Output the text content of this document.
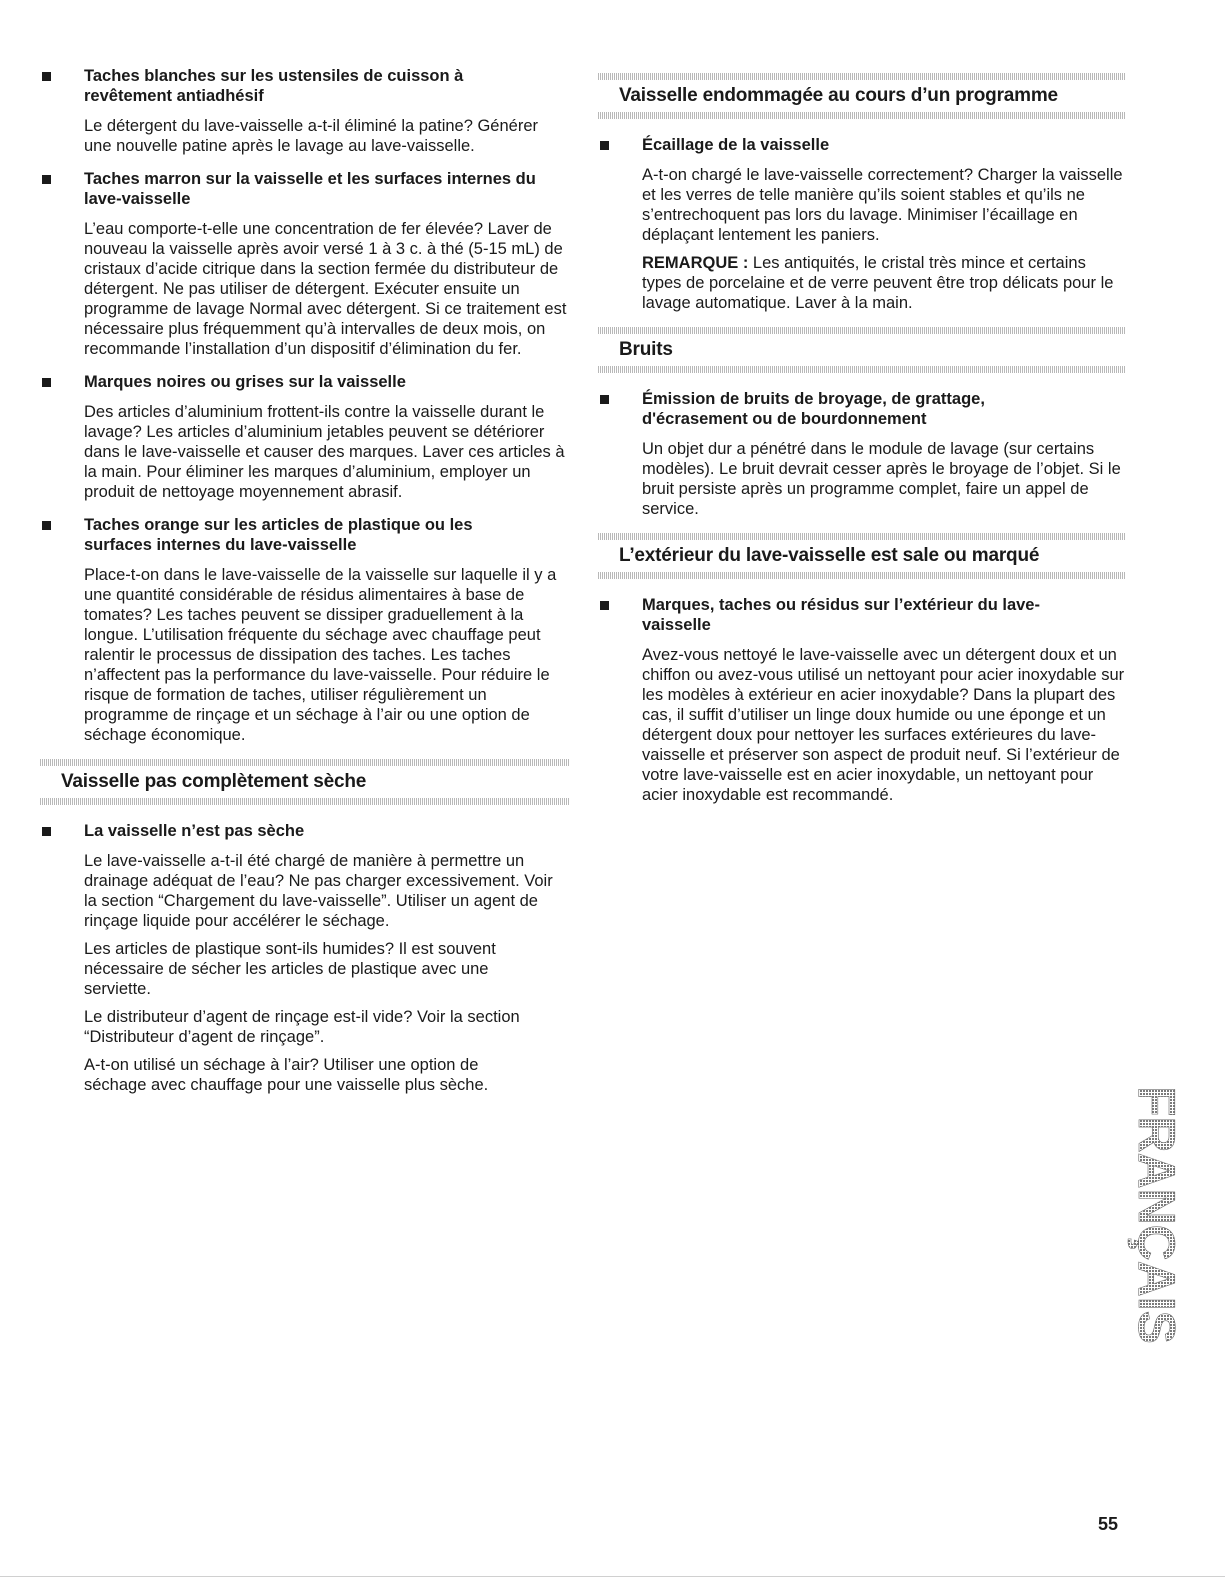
Taches blanches sur les ustensiles de cuisson à revêtement antiadhésif

Le détergent du lave-vaisselle a-t-il éliminé la patine? Générer une nouvelle patine après le lavage au lave-vaisselle.

Taches marron sur la vaisselle et les surfaces internes du lave-vaisselle

L’eau comporte-t-elle une concentration de fer élevée? Laver de nouveau la vaisselle après avoir versé 1 à 3 c. à thé (5-15 mL) de cristaux d’acide citrique dans la section fermée du distributeur de détergent. Ne pas utiliser de détergent. Exécuter ensuite un programme de lavage Normal avec détergent. Si ce traitement est nécessaire plus fréquemment qu’à intervalles de deux mois, on recommande l’installation d’un dispositif d’élimination du fer.

Marques noires ou grises sur la vaisselle

Des articles d’aluminium frottent-ils contre la vaisselle durant le lavage? Les articles d’aluminium jetables peuvent se détériorer dans le lave-vaisselle et causer des marques. Laver ces articles à la main. Pour éliminer les marques d’aluminium, employer un produit de nettoyage moyennement abrasif.

Taches orange sur les articles de plastique ou les surfaces internes du lave-vaisselle

Place-t-on dans le lave-vaisselle de la vaisselle sur laquelle il y a une quantité considérable de résidus alimentaires à base de tomates? Les taches peuvent se dissiper graduellement à la longue. L’utilisation fréquente du séchage avec chauffage peut ralentir le processus de dissipation des taches. Les taches n’affectent pas la performance du lave-vaisselle. Pour réduire le risque de formation de taches, utiliser régulièrement un programme de rinçage et un séchage à l’air ou une option de séchage économique.

Vaisselle pas complètement sèche

La vaisselle n’est pas sèche

Le lave-vaisselle a-t-il été chargé de manière à permettre un drainage adéquat de l’eau? Ne pas charger excessivement. Voir la section “Chargement du lave-vaisselle”. Utiliser un agent de rinçage liquide pour accélérer le séchage.

Les articles de plastique sont-ils humides? Il est souvent nécessaire de sécher les articles de plastique avec une serviette.

Le distributeur d’agent de rinçage est-il vide? Voir la section “Distributeur d’agent de rinçage”.

A-t-on utilisé un séchage à l’air? Utiliser une option de séchage avec chauffage pour une vaisselle plus sèche.

Vaisselle endommagée au cours d’un programme

Écaillage de la vaisselle

A-t-on chargé le lave-vaisselle correctement? Charger la vaisselle et les verres de telle manière qu’ils soient stables et qu’ils ne s’entrechoquent pas lors du lavage. Minimiser l’écaillage en déplaçant lentement les paniers.

REMARQUE : Les antiquités, le cristal très mince et certains types de porcelaine et de verre peuvent être trop délicats pour le lavage automatique. Laver à la main.

Bruits

Émission de bruits de broyage, de grattage, d'écrasement ou de bourdonnement

Un objet dur a pénétré dans le module de lavage (sur certains modèles). Le bruit devrait cesser après le broyage de l’objet. Si le bruit persiste après un programme complet, faire un appel de service.

L’extérieur du lave-vaisselle est sale ou marqué

Marques, taches ou résidus sur l’extérieur du lave-vaisselle

Avez-vous nettoyé le lave-vaisselle avec un détergent doux et un chiffon ou avez-vous utilisé un nettoyant pour acier inoxydable sur les modèles à extérieur en acier inoxydable? Dans la plupart des cas, il suffit d’utiliser un linge doux humide ou une éponge et un détergent doux pour nettoyer les surfaces extérieures du lave-vaisselle et préserver son aspect de produit neuf. Si l’extérieur de votre lave-vaisselle est en acier inoxydable, un nettoyant pour acier inoxydable est recommandé.

FRANÇAIS
55
